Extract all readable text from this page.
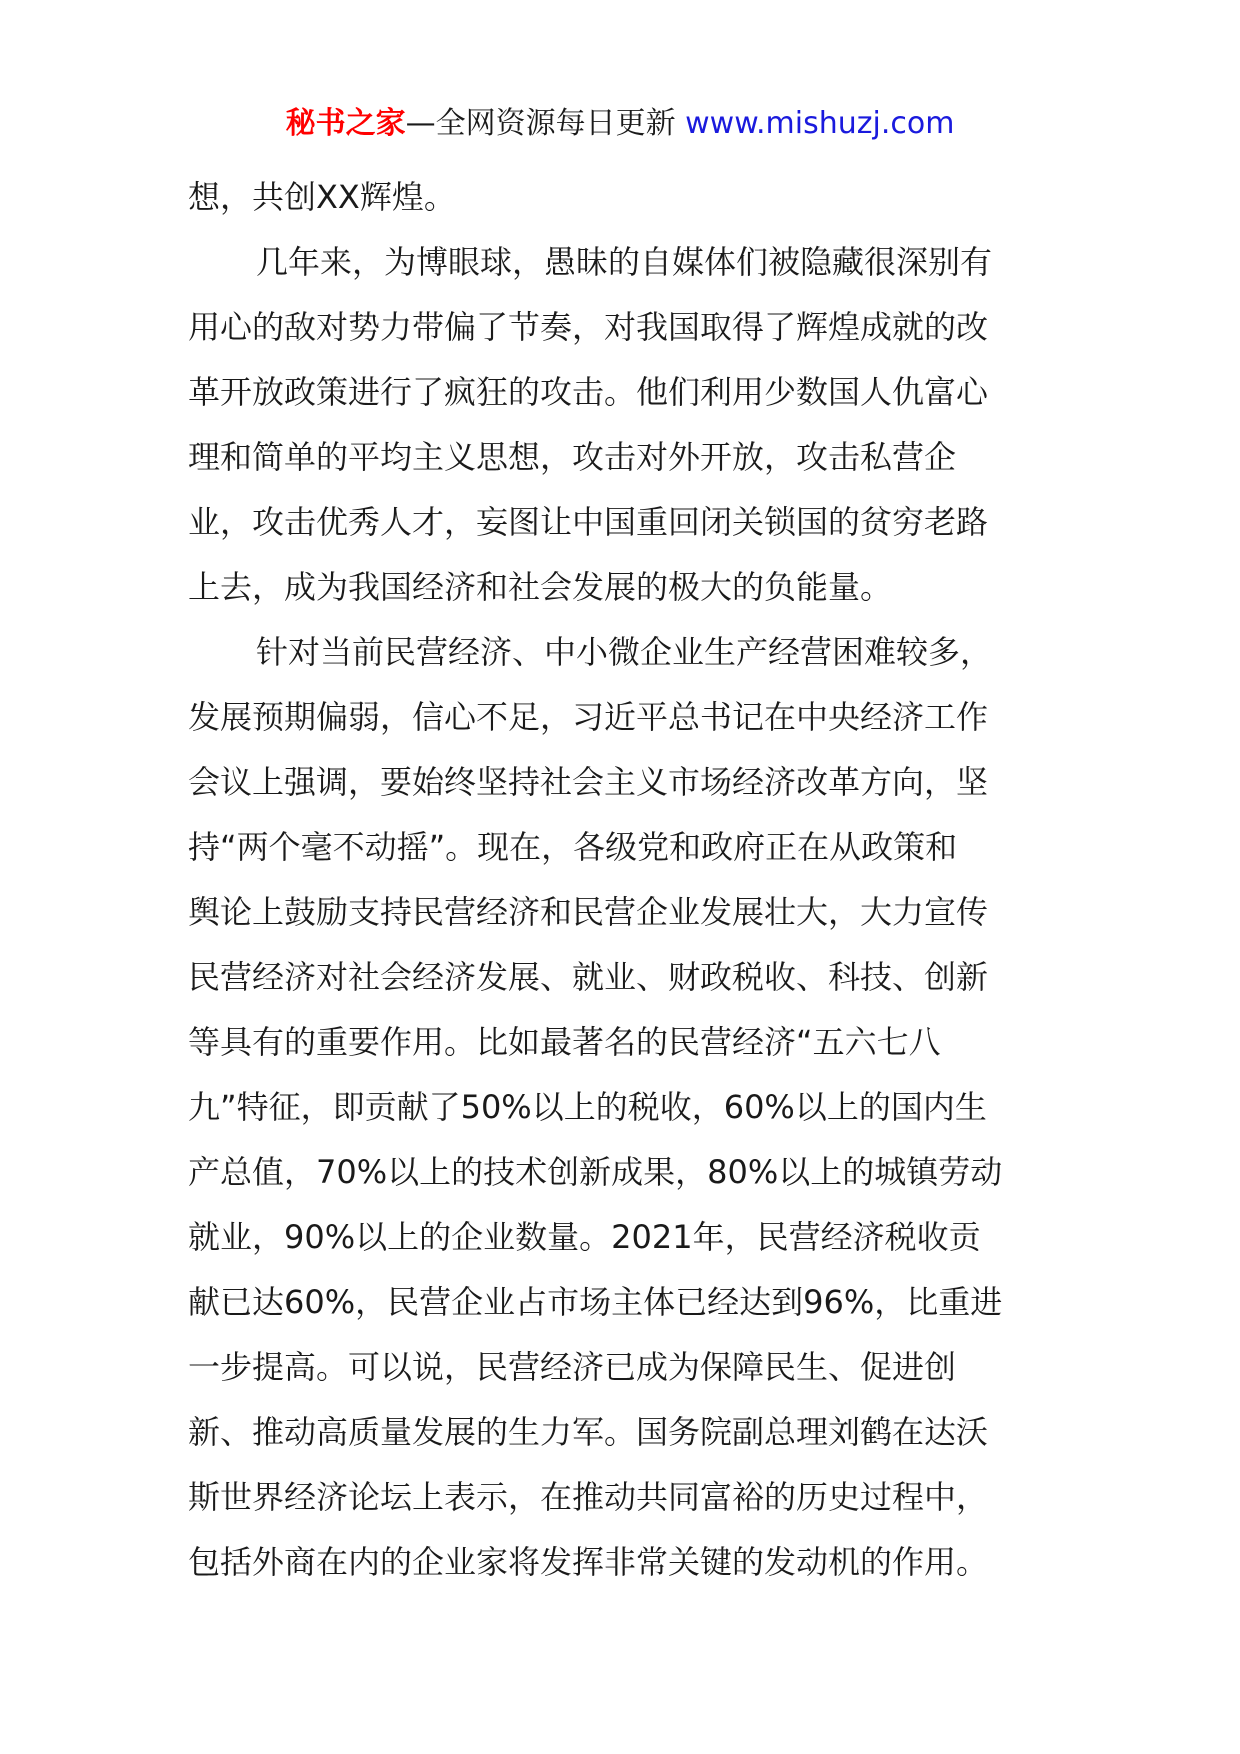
秘书之家—全网资源每日更新 www.mishuzj.com
想，共创XX辉煌。
几年来，为博眼球，愚昧的自媒体们被隐藏很深别有
用心的敌对势力带偏了节奏，对我国取得了辉煌成就的改
革开放政策进行了疯狂的攻击。他们利用少数国人仇富心
理和简单的平均主义思想，攻击对外开放，攻击私营企
业，攻击优秀人才，妄图让中国重回闭关锁国的贫穷老路
上去，成为我国经济和社会发展的极大的负能量。
针对当前民营经济、中小微企业生产经营困难较多，
发展预期偏弱，信心不足，习近平总书记在中央经济工作
会议上强调，要始终坚持社会主义市场经济改革方向，坚
持“两个毫不动摇”。现在，各级党和政府正在从政策和
舆论上鼓励支持民营经济和民营企业发展壮大，大力宣传
民营经济对社会经济发展、就业、财政税收、科技、创新
等具有的重要作用。比如最著名的民营经济“五六七八
九”特征，即贡献了50%以上的税收，60%以上的国内生
产总值，70%以上的技术创新成果，80%以上的城镇劳动
就业，90%以上的企业数量。2021年，民营经济税收贡
献已达60%，民营企业占市场主体已经达到96%，比重进
一步提高。可以说，民营经济已成为保障民生、促进创
新、推动高质量发展的生力军。国务院副总理刘鹤在达沃
斯世界经济论坛上表示，在推动共同富裕的历史过程中，
包括外商在内的企业家将发挥非常关键的发动机的作用。
